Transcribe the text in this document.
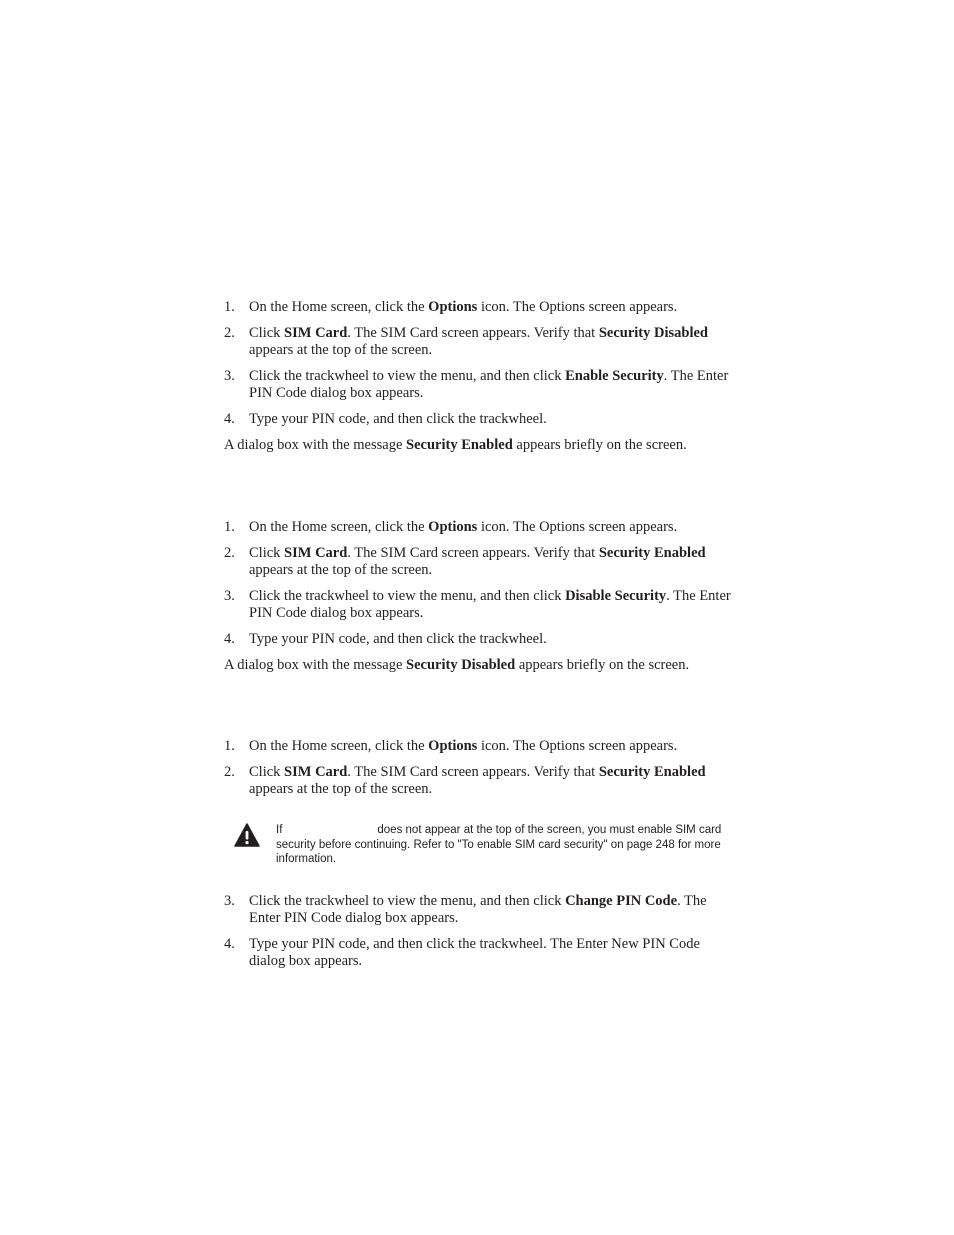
1. On the Home screen, click the Options icon. The Options screen appears.
2. Click SIM Card. The SIM Card screen appears. Verify that Security Disabled appears at the top of the screen.
3. Click the trackwheel to view the menu, and then click Enable Security. The Enter PIN Code dialog box appears.
4. Type your PIN code, and then click the trackwheel.

A dialog box with the message Security Enabled appears briefly on the screen.

1. On the Home screen, click the Options icon. The Options screen appears.
2. Click SIM Card. The SIM Card screen appears. Verify that Security Enabled appears at the top of the screen.
3. Click the trackwheel to view the menu, and then click Disable Security. The Enter PIN Code dialog box appears.
4. Type your PIN code, and then click the trackwheel.

A dialog box with the message Security Disabled appears briefly on the screen.

1. On the Home screen, click the Options icon. The Options screen appears.
2. Click SIM Card. The SIM Card screen appears. Verify that Security Enabled appears at the top of the screen.
If	does not appear at the top of the screen, you must enable SIM card security before continuing. Refer to "To enable SIM card security" on page 248 for more information.
3. Click the trackwheel to view the menu, and then click Change PIN Code. The Enter PIN Code dialog box appears.
4. Type your PIN code, and then click the trackwheel. The Enter New PIN Code dialog box appears.
